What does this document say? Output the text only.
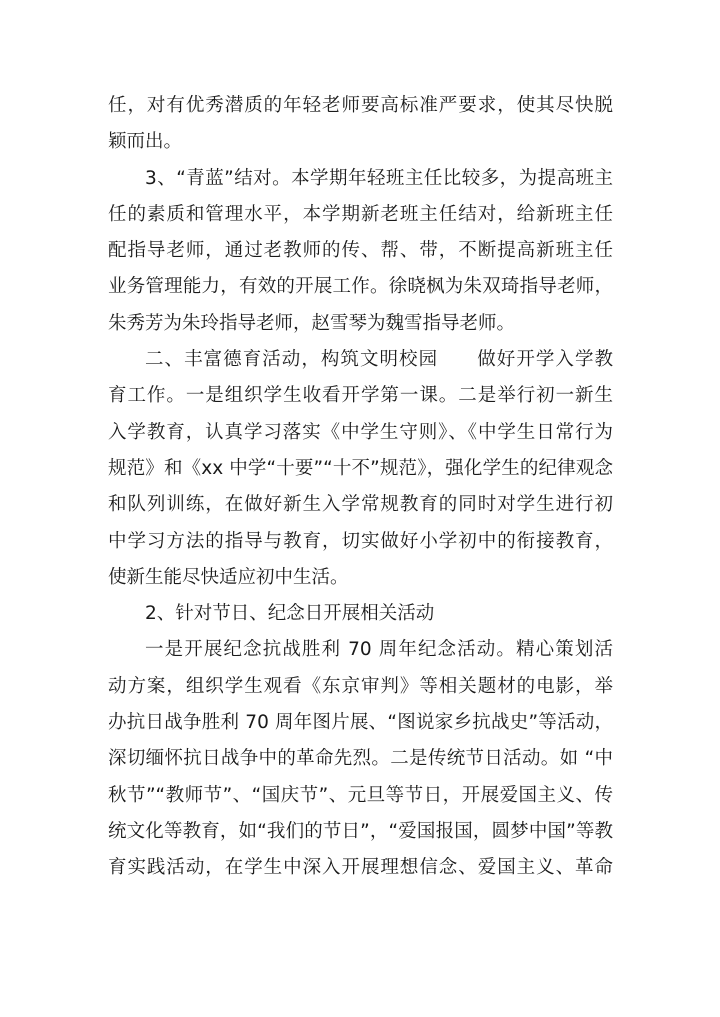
任，对有优秀潜质的年轻老师要高标准严要求，使其尽快脱
颖而出。
3、“青蓝”结对。本学期年轻班主任比较多，为提高班主
任的素质和管理水平，本学期新老班主任结对，给新班主任
配指导老师，通过老教师的传、帮、带，不断提高新班主任
业务管理能力，有效的开展工作。徐晓枫为朱双琦指导老师，
朱秀芳为朱玲指导老师，赵雪琴为魏雪指导老师。
二、丰富德育活动，构筑文明校园　　做好开学入学教
育工作。一是组织学生收看开学第一课。二是举行初一新生
入学教育，认真学习落实《中学生守则》、《中学生日常行为
规范》和《xx 中学“十要”“十不”规范》，强化学生的纪律观念
和队列训练，在做好新生入学常规教育的同时对学生进行初
中学习方法的指导与教育，切实做好小学初中的衔接教育，
使新生能尽快适应初中生活。
2、针对节日、纪念日开展相关活动
一是开展纪念抗战胜利 70 周年纪念活动。精心策划活
动方案，组织学生观看《东京审判》等相关题材的电影，举
办抗日战争胜利 70 周年图片展、“图说家乡抗战史”等活动，
深切缅怀抗日战争中的革命先烈。二是传统节日活动。如 “中
秋节”“教师节”、“国庆节”、元旦等节日，开展爱国主义、传
统文化等教育，如“我们的节日”，“爱国报国，圆梦中国”等教
育实践活动，在学生中深入开展理想信念、爱国主义、革命
